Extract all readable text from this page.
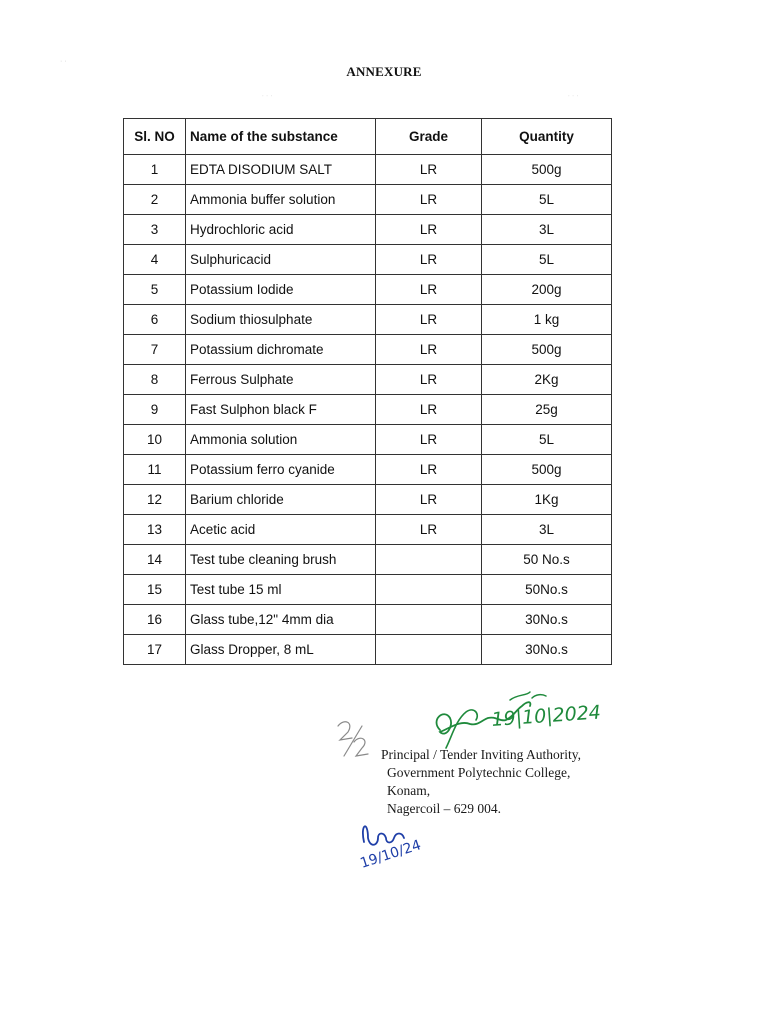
· ·
˙ ˙ ˙	˙ ˙ ˙
ANNEXURE
Sl. NO	Name of the substance	Grade	Quantity
1	EDTA DISODIUM SALT	LR	500g
2	Ammonia buffer solution	LR	5L
3	Hydrochloric acid	LR	3L
4	Sulphuricacid	LR	5L
5	Potassium Iodide	LR	200g
6	Sodium thiosulphate	LR	1 kg
7	Potassium dichromate	LR	500g
8	Ferrous Sulphate	LR	2Kg
9	Fast Sulphon black F	LR	25g
10	Ammonia solution	LR	5L
11	Potassium ferro cyanide	LR	500g
12	Barium chloride	LR	1Kg
13	Acetic acid	LR	3L
14	Test tube cleaning brush		50 No.s
15	Test tube 15 ml		50No.s
16	Glass tube,12" 4mm dia		30No.s
17	Glass Dropper, 8 mL		30No.s
19|10|2024
Principal / Tender Inviting Authority,
Government Polytechnic College,
Konam,
Nagercoil – 629 004.
19/10/24
